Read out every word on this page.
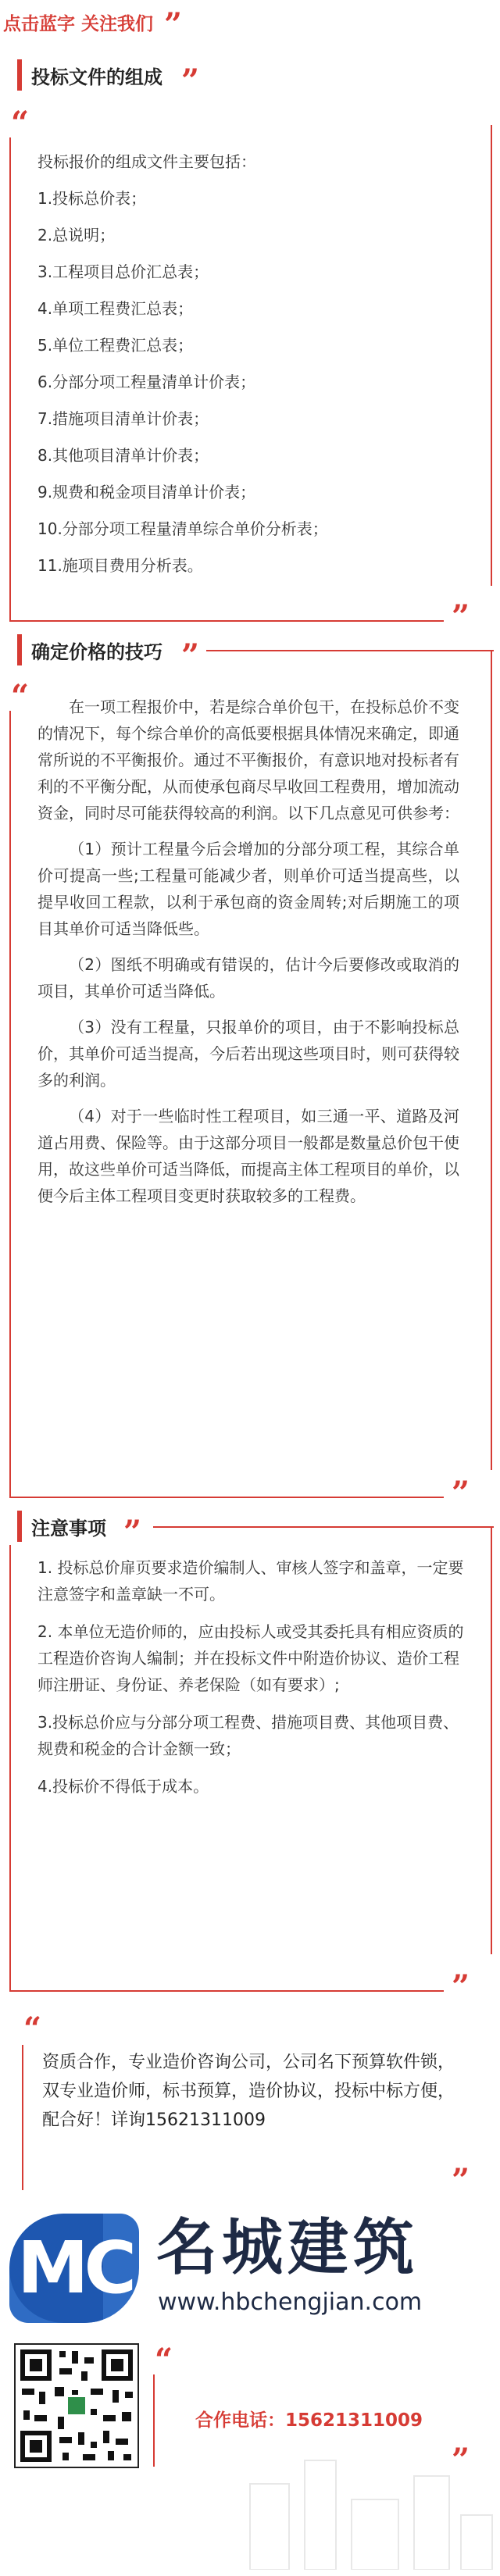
点击蓝字 关注我们 ”
投标文件的组成 ”
“
”
投标报价的组成文件主要包括：
1.投标总价表；
2.总说明；
3.工程项目总价汇总表；
4.单项工程费汇总表；
5.单位工程费汇总表；
6.分部分项工程量清单计价表；
7.措施项目清单计价表；
8.其他项目清单计价表；
9.规费和税金项目清单计价表；
10.分部分项工程量清单综合单价分析表；
11.施项目费用分析表。
确定价格的技巧 ”
“
”

在一项工程报价中，若是综合单价包干，在投标总价不变的情况下，每个综合单价的高低要根据具体情况来确定，即通常所说的不平衡报价。通过不平衡报价，有意识地对投标者有利的不平衡分配，从而使承包商尽早收回工程费用，增加流动资金，同时尽可能获得较高的利润。以下几点意见可供参考：

（1）预计工程量今后会增加的分部分项工程，其综合单价可提高一些;工程量可能减少者，则单价可适当提高些，以提早收回工程款，以利于承包商的资金周转;对后期施工的项目其单价可适当降低些。

（2）图纸不明确或有错误的，估计今后要修改或取消的项目，其单价可适当降低。

（3）没有工程量，只报单价的项目，由于不影响投标总价，其单价可适当提高，今后若出现这些项目时，则可获得较多的利润。

（4）对于一些临时性工程项目，如三通一平、道路及河道占用费、保险等。由于这部分项目一般都是数量总价包干使用，故这些单价可适当降低，而提高主体工程项目的单价，以便今后主体工程项目变更时获取较多的工程费。

注意事项 ”
”

1. 投标总价扉页要求造价编制人、审核人签字和盖章，一定要注意签字和盖章缺一不可。

2. 本单位无造价师的，应由投标人或受其委托具有相应资质的工程造价咨询人编制；并在投标文件中附造价协议、造价工程师注册证、身份证、养老保险（如有要求）;

3.投标总价应与分部分项工程费、措施项目费、其他项目费、规费和税金的合计金额一致；

4.投标价不得低于成本。

“
资质合作，专业造价咨询公司，公司名下预算软件锁，双专业造价师，标书预算，造价协议，投标中标方便，配合好！详询15621311009
”
MC 名城建筑
www.hbchengjian.com
“
合作电话：15621311009
”
